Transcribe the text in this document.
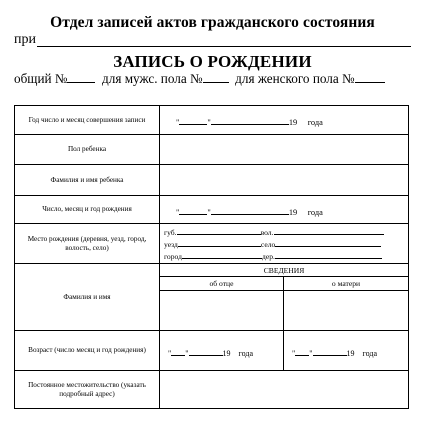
Отдел записей актов гражданского состояния
при
ЗАПИСЬ О РОЖДЕНИИ
общий №	для мужс. пола № для женского пола №
Год число и месяц совершения записи	" " 19 года	

Пол ребенка		
Фамилия и имя ребенка		
Число, месяц и год рождения	" " 19 года	

Место рождения (деревня, уезд, город, волость, село)	губ. вол.
уезд село
город дер.	

Фамилия и имя	СВЕДЕНИЯ	
	об отце	о матери

Возраст (число месяц и год рождения)	" " 19 года	" " 19 года

Постоянное местожительство (указать подробный адрес)		
